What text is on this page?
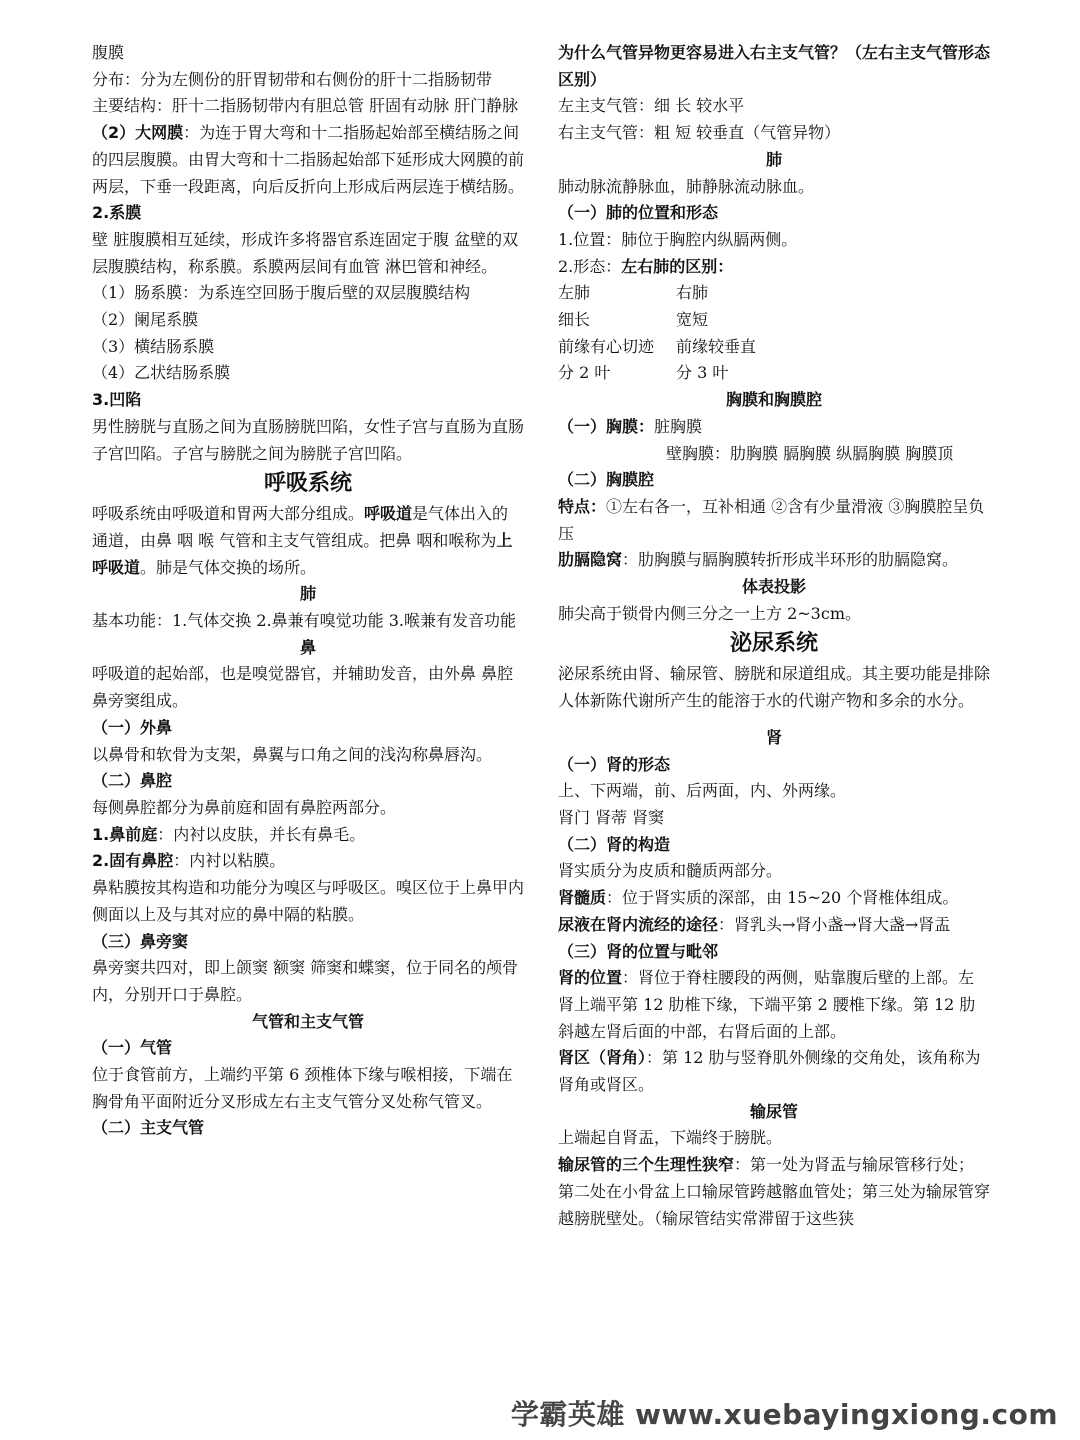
腹膜

分布：分为左侧份的肝胃韧带和右侧份的肝十二指肠韧带

主要结构：肝十二指肠韧带内有胆总管 肝固有动脉 肝门静脉

（2）大网膜：为连于胃大弯和十二指肠起始部至横结肠之间的四层腹膜。由胃大弯和十二指肠起始部下延形成大网膜的前两层，下垂一段距离，向后反折向上形成后两层连于横结肠。

2.系膜

壁 脏腹膜相互延续，形成许多将器官系连固定于腹 盆壁的双层腹膜结构，称系膜。系膜两层间有血管 淋巴管和神经。

（1）肠系膜：为系连空回肠于腹后壁的双层腹膜结构

（2）阑尾系膜

（3）横结肠系膜

（4）乙状结肠系膜

3.凹陷

男性膀胱与直肠之间为直肠膀胱凹陷，女性子宫与直肠为直肠子宫凹陷。子宫与膀胱之间为膀胱子宫凹陷。

呼吸系统

呼吸系统由呼吸道和胃两大部分组成。呼吸道是气体出入的通道，由鼻 咽 喉 气管和主支气管组成。把鼻 咽和喉称为上呼吸道。肺是气体交换的场所。

肺

基本功能：1.气体交换 2.鼻兼有嗅觉功能 3.喉兼有发音功能

鼻

呼吸道的起始部，也是嗅觉器官，并辅助发音，由外鼻 鼻腔 鼻旁窦组成。

（一）外鼻

以鼻骨和软骨为支架，鼻翼与口角之间的浅沟称鼻唇沟。

（二）鼻腔

每侧鼻腔都分为鼻前庭和固有鼻腔两部分。

1.鼻前庭：内衬以皮肤，并长有鼻毛。

2.固有鼻腔：内衬以粘膜。

鼻粘膜按其构造和功能分为嗅区与呼吸区。嗅区位于上鼻甲内侧面以上及与其对应的鼻中隔的粘膜。

（三）鼻旁窦

鼻旁窦共四对，即上颌窦 额窦 筛窦和蝶窦，位于同名的颅骨内，分别开口于鼻腔。

气管和主支气管

（一）气管

位于食管前方，上端约平第 6 颈椎体下缘与喉相接，下端在胸骨角平面附近分叉形成左右主支气管分叉处称气管叉。

（二）主支气管

为什么气管异物更容易进入右主支气管？（左右主支气管形态区别）

左主支气管：细 长 较水平

右主支气管：粗 短 较垂直（气管异物）

肺

肺动脉流静脉血，肺静脉流动脉血。

（一）肺的位置和形态

1.位置：肺位于胸腔内纵膈两侧。

2.形态：左右肺的区别：

左肺	右肺
细长	宽短
前缘有心切迹	前缘较垂直
分 2 叶	分 3 叶

胸膜和胸膜腔

（一）胸膜：脏胸膜

壁胸膜：肋胸膜 膈胸膜 纵膈胸膜 胸膜顶

（二）胸膜腔

特点：①左右各一，互补相通 ②含有少量滑液 ③胸膜腔呈负压

肋膈隐窝：肋胸膜与膈胸膜转折形成半环形的肋膈隐窝。

体表投影

肺尖高于锁骨内侧三分之一上方 2~3cm。

泌尿系统

泌尿系统由肾、输尿管、膀胱和尿道组成。其主要功能是排除人体新陈代谢所产生的能溶于水的代谢产物和多余的水分。

肾

（一）肾的形态

上、下两端，前、后两面，内、外两缘。

肾门 肾蒂 肾窦

（二）肾的构造

肾实质分为皮质和髓质两部分。

肾髓质：位于肾实质的深部，由 15~20 个肾椎体组成。

尿液在肾内流经的途径：肾乳头→肾小盏→肾大盏→肾盂

（三）肾的位置与毗邻

肾的位置：肾位于脊柱腰段的两侧，贴靠腹后壁的上部。左肾上端平第 12 肋椎下缘，下端平第 2 腰椎下缘。第 12 肋斜越左肾后面的中部，右肾后面的上部。

肾区（肾角）：第 12 肋与竖脊肌外侧缘的交角处，该角称为肾角或肾区。

输尿管

上端起自肾盂，下端终于膀胱。

输尿管的三个生理性狭窄：第一处为肾盂与输尿管移行处；第二处在小骨盆上口输尿管跨越髂血管处；第三处为输尿管穿越膀胱壁处。（输尿管结实常滞留于这些狭

学霸英雄 www.xuebayingxiong.com
